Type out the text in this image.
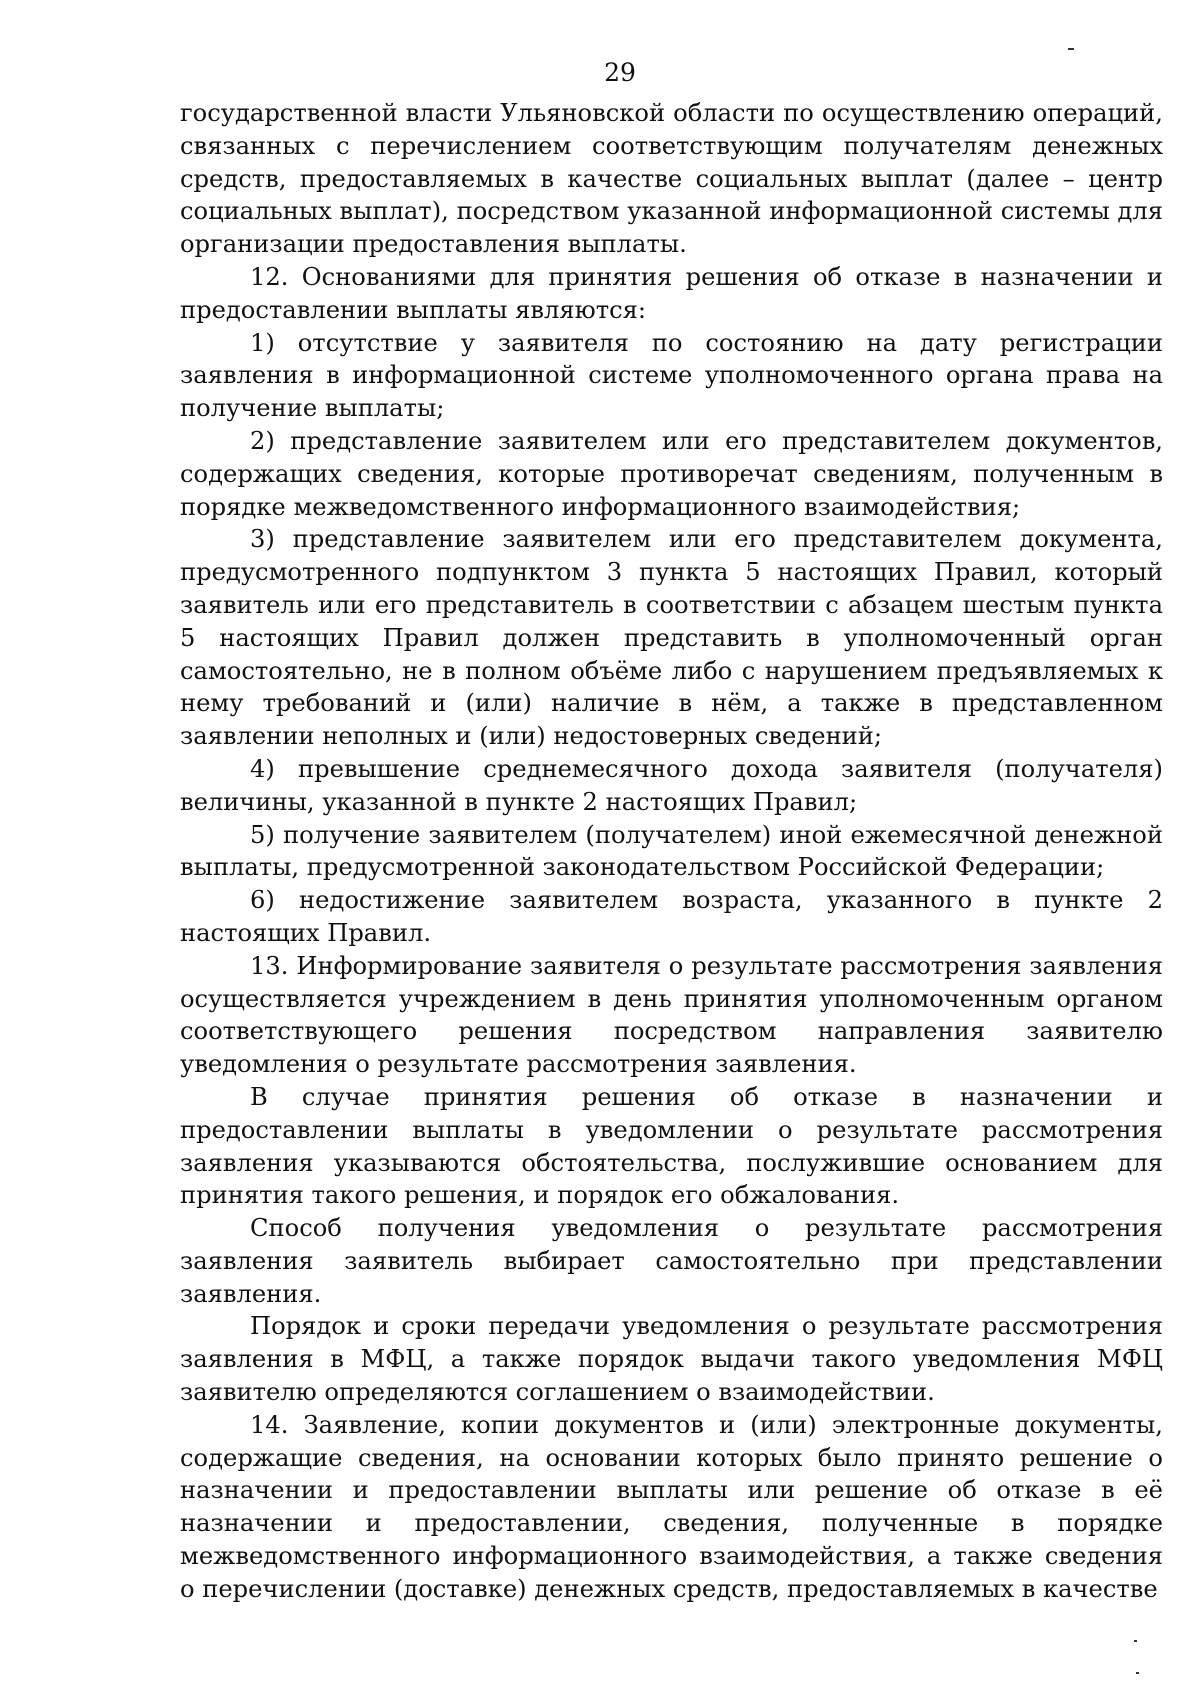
29

государственной власти Ульяновской области по осуществлению операций, связанных с перечислением соответствующим получателям денежных средств, предоставляемых в качестве социальных выплат (далее – центр социальных выплат), посредством указанной информационной системы для организации предоставления выплаты.

12. Основаниями для принятия решения об отказе в назначении и предоставлении выплаты являются:

1) отсутствие у заявителя по состоянию на дату регистрации заявления в информационной системе уполномоченного органа права на получение выплаты;

2) представление заявителем или его представителем документов, содержащих сведения, которые противоречат сведениям, полученным в порядке межведомственного информационного взаимодействия;

3) представление заявителем или его представителем документа, предусмотренного подпунктом 3 пункта 5 настоящих Правил, который заявитель или его представитель в соответствии с абзацем шестым пункта 5 настоящих Правил должен представить в уполномоченный орган самостоятельно, не в полном объёме либо с нарушением предъявляемых к нему требований и (или) наличие в нём, а также в представленном заявлении неполных и (или) недостоверных сведений;

4) превышение среднемесячного дохода заявителя (получателя) величины, указанной в пункте 2 настоящих Правил;

5) получение заявителем (получателем) иной ежемесячной денежной выплаты, предусмотренной законодательством Российской Федерации;

6) недостижение заявителем возраста, указанного в пункте 2 настоящих Правил.

13. Информирование заявителя о результате рассмотрения заявления осуществляется учреждением в день принятия уполномоченным органом соответствующего решения посредством направления заявителю уведомления о результате рассмотрения заявления.

В случае принятия решения об отказе в назначении и предоставлении выплаты в уведомлении о результате рассмотрения заявления указываются обстоятельства, послужившие основанием для принятия такого решения, и порядок его обжалования.

Способ получения уведомления о результате рассмотрения заявления заявитель выбирает самостоятельно при представлении заявления.

Порядок и сроки передачи уведомления о результате рассмотрения заявления в МФЦ, а также порядок выдачи такого уведомления МФЦ заявителю определяются соглашением о взаимодействии.

14. Заявление, копии документов и (или) электронные документы, содержащие сведения, на основании которых было принято решение о назначении и предоставлении выплаты или решение об отказе в её назначении и предоставлении, сведения, полученные в порядке межведомственного информационного взаимодействия, а также сведения о перечислении (доставке) денежных средств, предоставляемых в качестве
